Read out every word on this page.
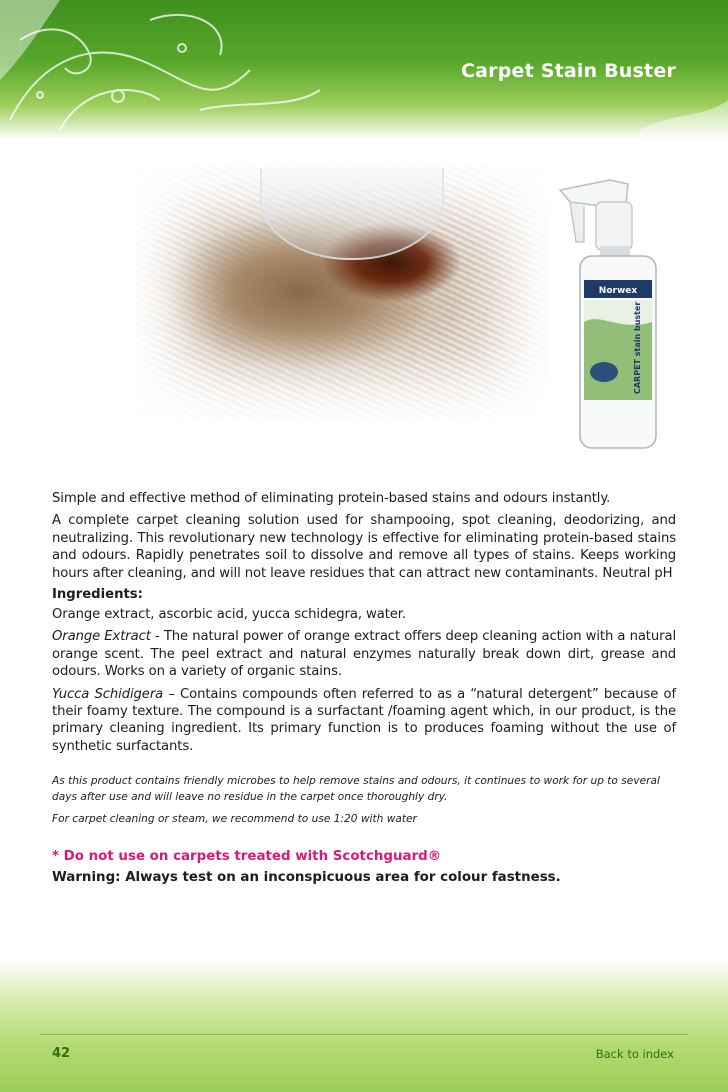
Carpet Stain Buster
Norwex
CARPET stain buster

Simple and effective method of eliminating protein-based stains and odours instantly.

A complete carpet cleaning solution used for shampooing, spot cleaning, deodorizing, and neutralizing. This revolutionary new technology is effective for eliminating protein-based stains and odours. Rapidly penetrates soil to dissolve and remove all types of stains. Keeps working hours after cleaning, and will not leave residues that can attract new contaminants. Neutral pH

Ingredients:

Orange extract, ascorbic acid, yucca schidegra, water.

Orange Extract - The natural power of orange extract offers deep cleaning action with a natural orange scent. The peel extract and natural enzymes naturally break down dirt, grease and odours. Works on a variety of organic stains.

Yucca Schidigera – Contains compounds often referred to as a “natural detergent” because of their foamy texture. The compound is a surfactant /foaming agent which, in our product, is the primary cleaning ingredient. Its primary function is to produces foaming without the use of synthetic surfactants.

As this product contains friendly microbes to help remove stains and odours, it continues to work for up to several days after use and will leave no residue in the carpet once thoroughly dry.

For carpet cleaning or steam, we recommend to use 1:20 with water

* Do not use on carpets treated with Scotchguard®

Warning: Always test on an inconspicuous area for colour fastness.

42	Back to index
